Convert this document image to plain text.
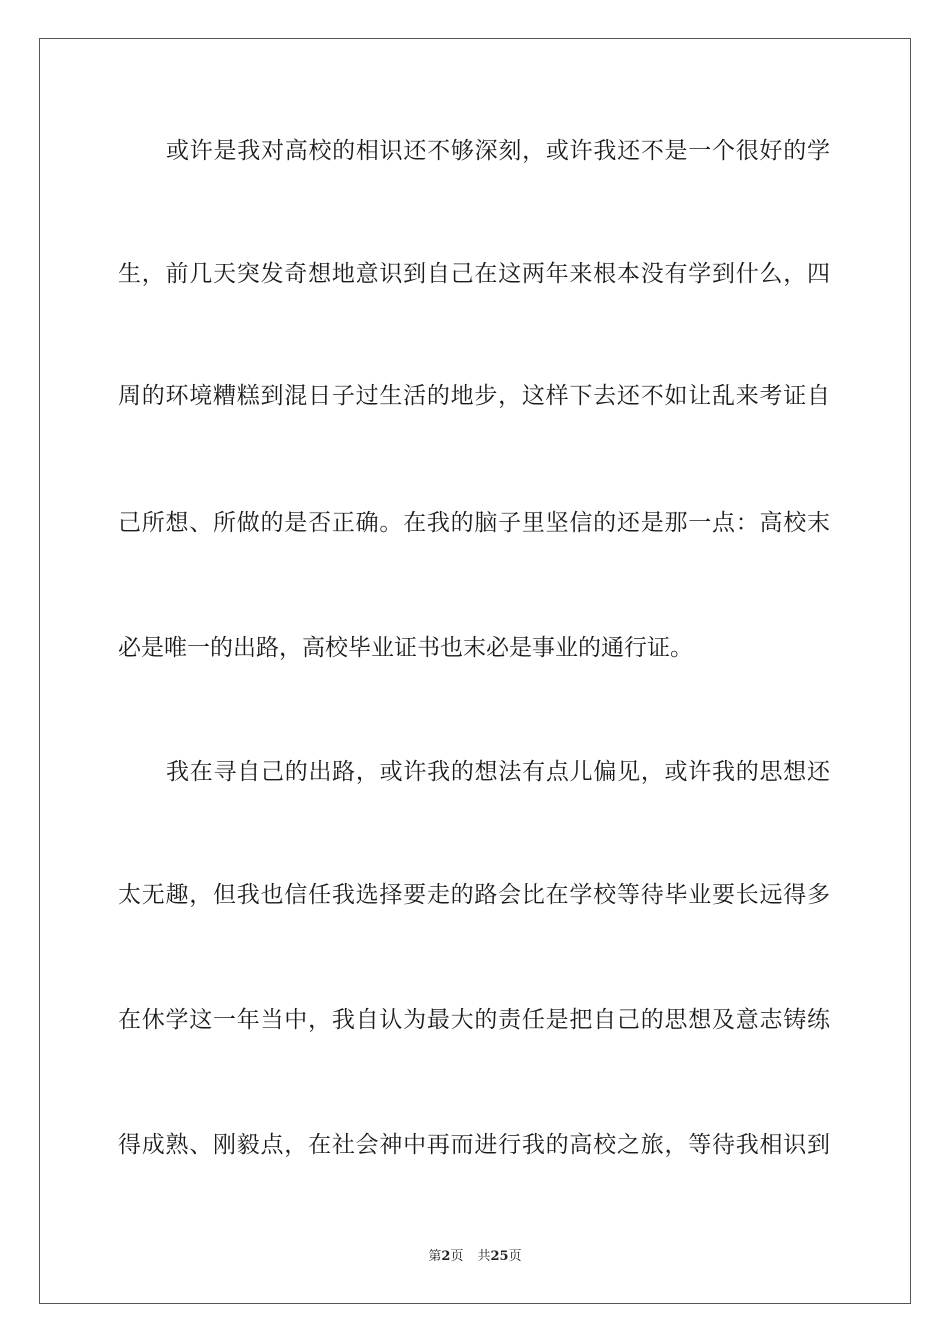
或许是我对高校的相识还不够深刻，或许我还不是一个很好的学
生，前几天突发奇想地意识到自己在这两年来根本没有学到什么，四
周的环境糟糕到混日子过生活的地步，这样下去还不如让乱来考证自
己所想、所做的是否正确。在我的脑子里坚信的还是那一点：高校末
必是唯一的出路，高校毕业证书也末必是事业的通行证。
我在寻自己的出路，或许我的想法有点儿偏见，或许我的思想还
太无趣，但我也信任我选择要走的路会比在学校等待毕业要长远得多
在休学这一年当中，我自认为最大的责任是把自己的思想及意志铸练
得成熟、刚毅点，在社会神中再而进行我的高校之旅，等待我相识到
第2页 共25页
